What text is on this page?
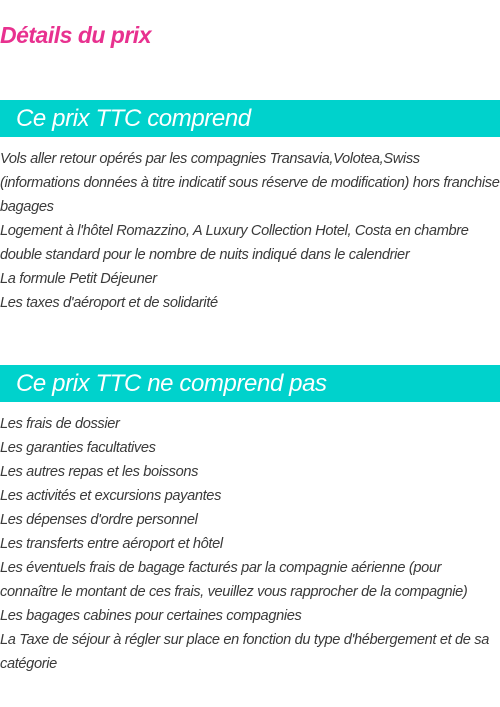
Détails du prix
Ce prix TTC comprend
Vols aller retour opérés par les compagnies Transavia,Volotea,Swiss (informations données à titre indicatif sous réserve de modification) hors franchise bagages
Logement à l'hôtel Romazzino, A Luxury Collection Hotel, Costa en chambre double standard pour le nombre de nuits indiqué dans le calendrier
La formule Petit Déjeuner
Les taxes d'aéroport et de solidarité
Ce prix TTC ne comprend pas
Les frais de dossier
Les garanties facultatives
Les autres repas et les boissons
Les activités et excursions payantes
Les dépenses d'ordre personnel
Les transferts entre aéroport et hôtel
Les éventuels frais de bagage facturés par la compagnie aérienne (pour connaître le montant de ces frais, veuillez vous rapprocher de la compagnie)
Les bagages cabines pour certaines compagnies
La Taxe de séjour à régler sur place en fonction du type d'hébergement et de sa catégorie
